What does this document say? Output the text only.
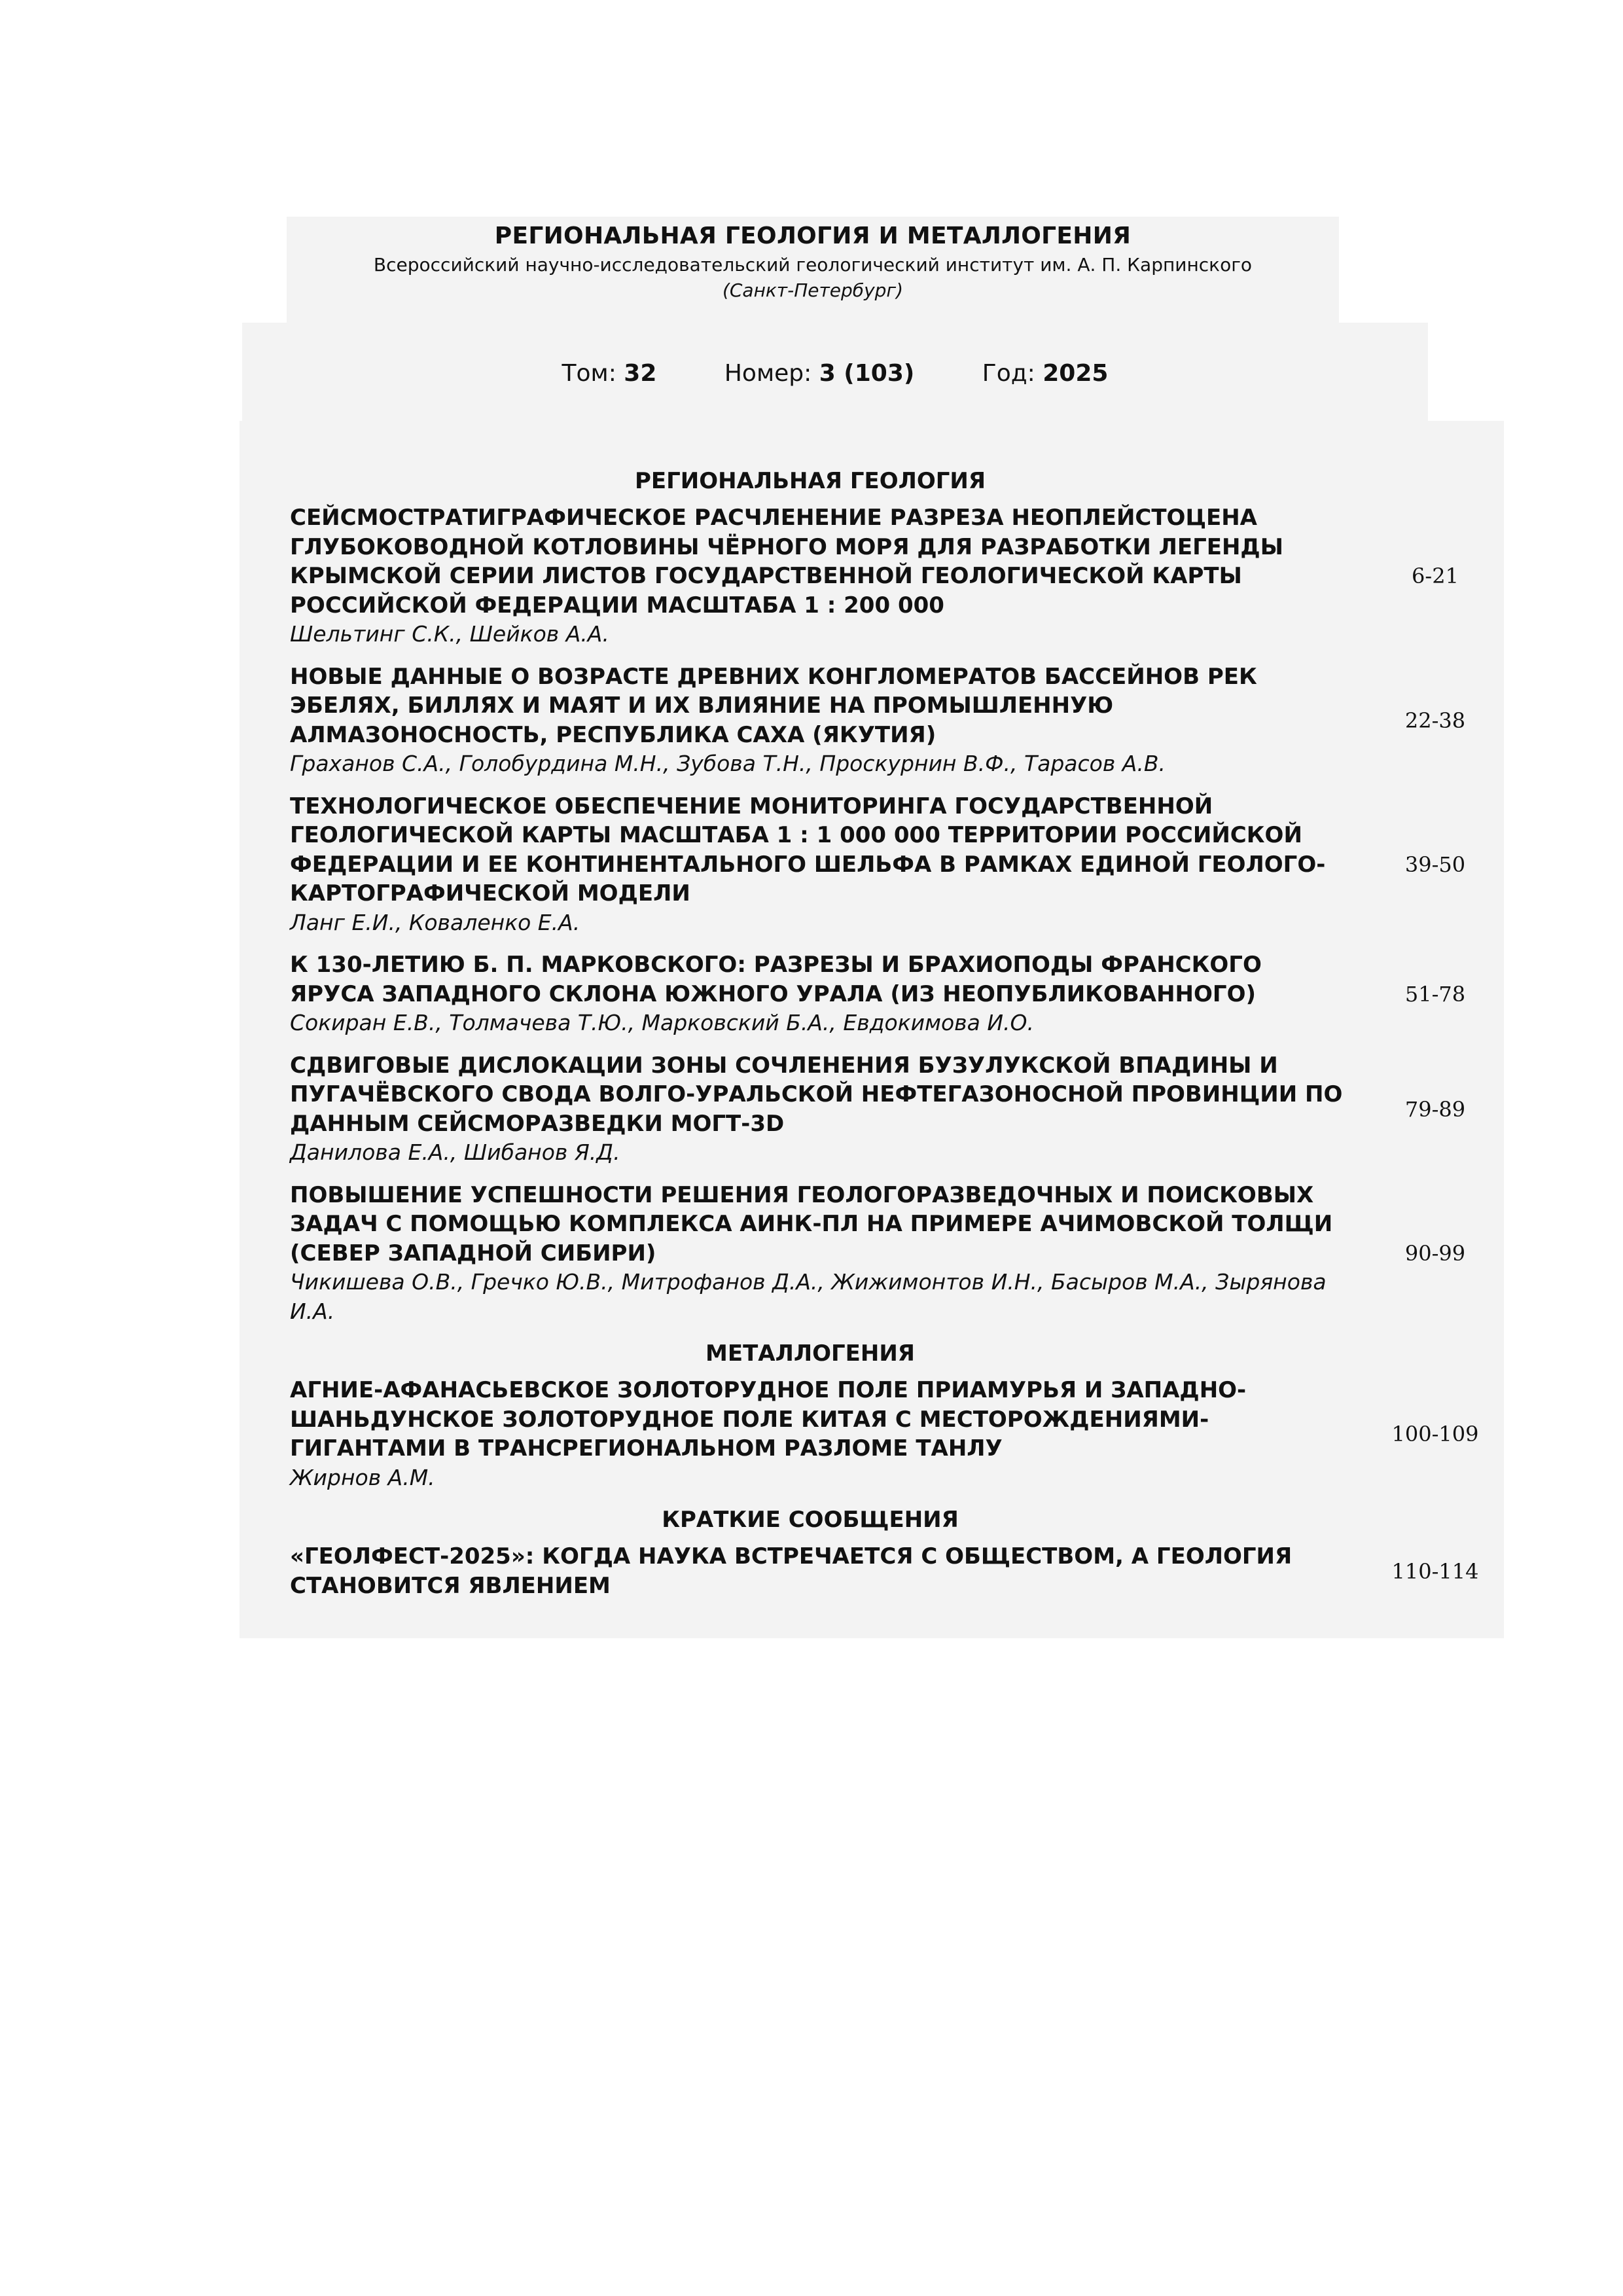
РЕГИОНАЛЬНАЯ ГЕОЛОГИЯ И МЕТАЛЛОГЕНИЯ
Всероссийский научно-исследовательский геологический институт им. А. П. Карпинского
(Санкт-Петербург)
Том: 32	Номер: 3 (103)	Год: 2025
РЕГИОНАЛЬНАЯ ГЕОЛОГИЯ
СЕЙСМОСТРАТИГРАФИЧЕСКОЕ РАСЧЛЕНЕНИЕ РАЗРЕЗА НЕОПЛЕЙСТОЦЕНА ГЛУБОКОВОДНОЙ КОТЛОВИНЫ ЧЁРНОГО МОРЯ ДЛЯ РАЗРАБОТКИ ЛЕГЕНДЫ КРЫМСКОЙ СЕРИИ ЛИСТОВ ГОСУДАРСТВЕННОЙ ГЕОЛОГИЧЕСКОЙ КАРТЫ РОССИЙСКОЙ ФЕДЕРАЦИИ МАСШТАБА 1 : 200 000
Шельтинг С.К., Шейков А.А.
6-21
НОВЫЕ ДАННЫЕ О ВОЗРАСТЕ ДРЕВНИХ КОНГЛОМЕРАТОВ БАССЕЙНОВ РЕК ЭБЕЛЯХ, БИЛЛЯХ И МАЯТ И ИХ ВЛИЯНИЕ НА ПРОМЫШЛЕННУЮ АЛМАЗОНОСНОСТЬ, РЕСПУБЛИКА САХА (ЯКУТИЯ)
Граханов С.А., Голобурдина М.Н., Зубова Т.Н., Проскурнин В.Ф., Тарасов А.В.
22-38
ТЕХНОЛОГИЧЕСКОЕ ОБЕСПЕЧЕНИЕ МОНИТОРИНГА ГОСУДАРСТВЕННОЙ ГЕОЛОГИЧЕСКОЙ КАРТЫ МАСШТАБА 1 : 1 000 000 ТЕРРИТОРИИ РОССИЙСКОЙ ФЕДЕРАЦИИ И ЕЕ КОНТИНЕНТАЛЬНОГО ШЕЛЬФА В РАМКАХ ЕДИНОЙ ГЕОЛОГО-КАРТОГРАФИЧЕСКОЙ МОДЕЛИ
Ланг Е.И., Коваленко Е.А.
39-50
К 130-ЛЕТИЮ Б. П. МАРКОВСКОГО: РАЗРЕЗЫ И БРАХИОПОДЫ ФРАНСКОГО ЯРУСА ЗАПАДНОГО СКЛОНА ЮЖНОГО УРАЛА (ИЗ НЕОПУБЛИКОВАННОГО)
Сокиран Е.В., Толмачева Т.Ю., Марковский Б.А., Евдокимова И.О.
51-78
СДВИГОВЫЕ ДИСЛОКАЦИИ ЗОНЫ СОЧЛЕНЕНИЯ БУЗУЛУКСКОЙ ВПАДИНЫ И ПУГАЧЁВСКОГО СВОДА ВОЛГО-УРАЛЬСКОЙ НЕФТЕГАЗОНОСНОЙ ПРОВИНЦИИ ПО ДАННЫМ СЕЙСМОРАЗВЕДКИ МОГТ-3D
Данилова Е.А., Шибанов Я.Д.
79-89
ПОВЫШЕНИЕ УСПЕШНОСТИ РЕШЕНИЯ ГЕОЛОГОРАЗВЕДОЧНЫХ И ПОИСКОВЫХ ЗАДАЧ С ПОМОЩЬЮ КОМПЛЕКСА АИНК-ПЛ НА ПРИМЕРЕ АЧИМОВСКОЙ ТОЛЩИ (СЕВЕР ЗАПАДНОЙ СИБИРИ)
Чикишева О.В., Гречко Ю.В., Митрофанов Д.А., Жижимонтов И.Н., Басыров М.А., Зырянова И.А.
90-99
МЕТАЛЛОГЕНИЯ
АГНИЕ-АФАНАСЬЕВСКОЕ ЗОЛОТОРУДНОЕ ПОЛЕ ПРИАМУРЬЯ И ЗАПАДНО-ШАНЬДУНСКОЕ ЗОЛОТОРУДНОЕ ПОЛЕ КИТАЯ С МЕСТОРОЖДЕНИЯМИ-ГИГАНТАМИ В ТРАНСРЕГИОНАЛЬНОМ РАЗЛОМЕ ТАНЛУ
Жирнов А.М.
100-109
КРАТКИЕ СООБЩЕНИЯ
«ГЕОЛФЕСТ-2025»: КОГДА НАУКА ВСТРЕЧАЕТСЯ С ОБЩЕСТВОМ, А ГЕОЛОГИЯ СТАНОВИТСЯ ЯВЛЕНИЕМ
110-114
